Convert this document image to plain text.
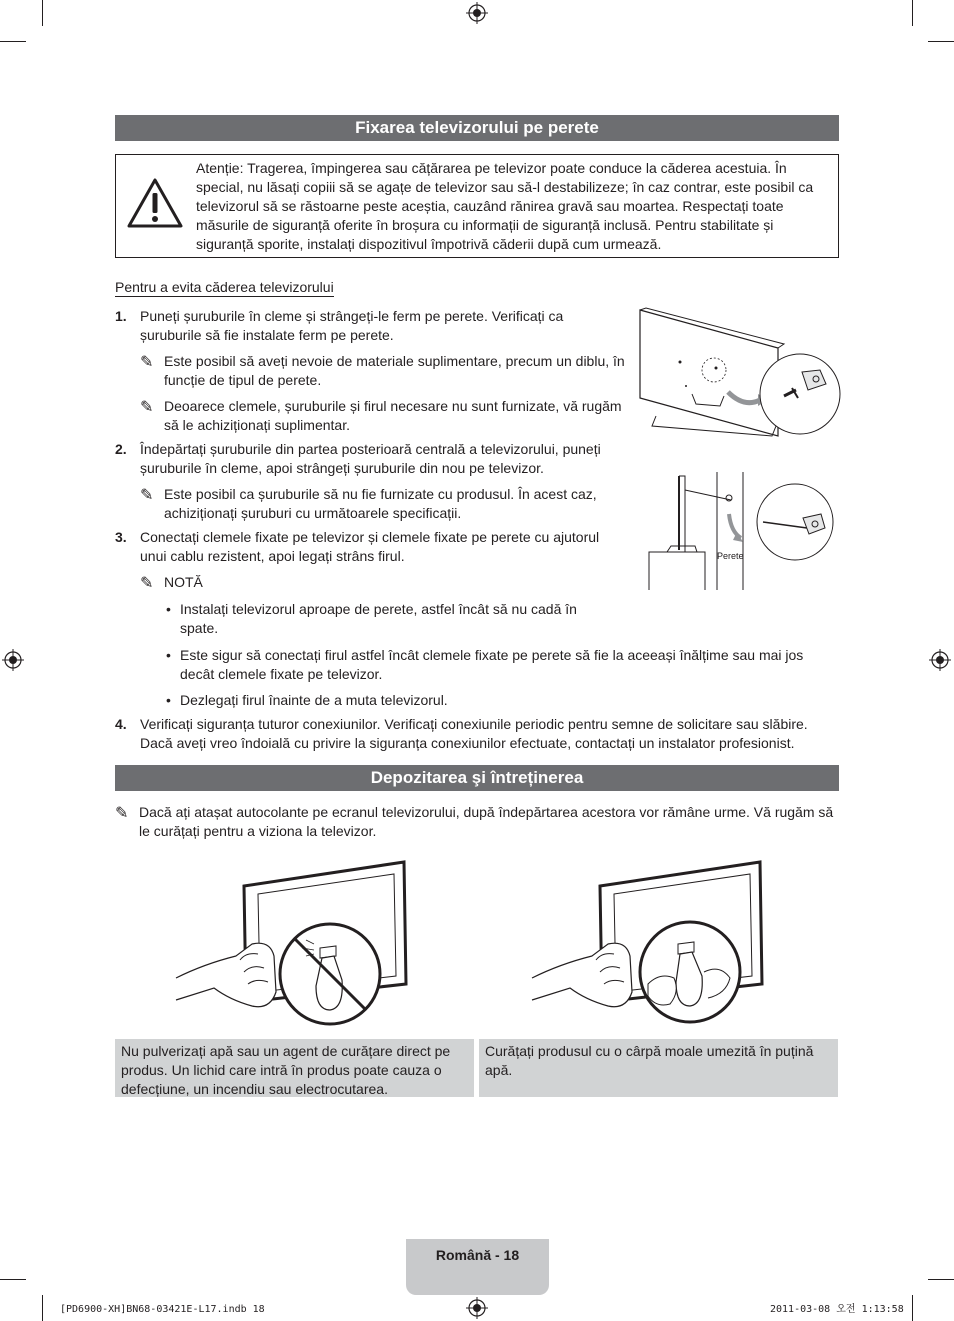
Fixarea televizorului pe perete
Atenție: Tragerea, împingerea sau cățărarea pe televizor poate conduce la căderea acestuia. În special, nu lăsați copiii să se agațe de televizor sau să-l destabilizeze; în caz contrar, este posibil ca televizorul să se răstoarne peste aceștia, cauzând rănirea gravă sau moartea. Respectați toate măsurile de siguranță oferite în broșura cu informații de siguranță inclusă. Pentru stabilitate și siguranță sporite, instalați dispozitivul împotrivă căderii după cum urmează.
Pentru a evita căderea televizorului
1. Puneți șuruburile în cleme și strângeți-le ferm pe perete. Verificați ca șuruburile să fie instalate ferm pe perete.
✎ Este posibil să aveți nevoie de materiale suplimentare, precum un diblu, în funcție de tipul de perete.
✎ Deoarece clemele, șuruburile și firul necesare nu sunt furnizate, vă rugăm să le achiziționați suplimentar.
2. Îndepărtați șuruburile din partea posterioară centrală a televizorului, puneți șuruburile în cleme, apoi strângeți șuruburile din nou pe televizor.
✎ Este posibil ca șuruburile să nu fie furnizate cu produsul. În acest caz, achiziționați șuruburi cu următoarele specificații.
3. Conectați clemele fixate pe televizor și clemele fixate pe perete cu ajutorul unui cablu rezistent, apoi legați strâns firul.
✎ NOTĂ
• Instalați televizorul aproape de perete, astfel încât să nu cadă în spate.
• Este sigur să conectați firul astfel încât clemele fixate pe perete să fie la aceeași înălțime sau mai jos decât clemele fixate pe televizor.
• Dezlegați firul înainte de a muta televizorul.
4. Verificați siguranța tuturor conexiunilor. Verificați conexiunile periodic pentru semne de solicitare sau slăbire. Dacă aveți vreo îndoială cu privire la siguranța conexiunilor efectuate, contactați un instalator profesionist.
Perete
Depozitarea şi întreținerea
✎ Dacă ați atașat autocolante pe ecranul televizorului, după îndepărtarea acestora vor rămâne urme. Vă rugăm să le curățați pentru a viziona la televizor.
Nu pulverizați apă sau un agent de curățare direct pe produs. Un lichid care intră în produs poate cauza o defecțiune, un incendiu sau electrocutarea.
Curățați produsul cu o cârpă moale umezită în puțină apă.
Română - 18
[PD6900-XH]BN68-03421E-L17.indb 18	2011-03-08 오전 1:13:58
